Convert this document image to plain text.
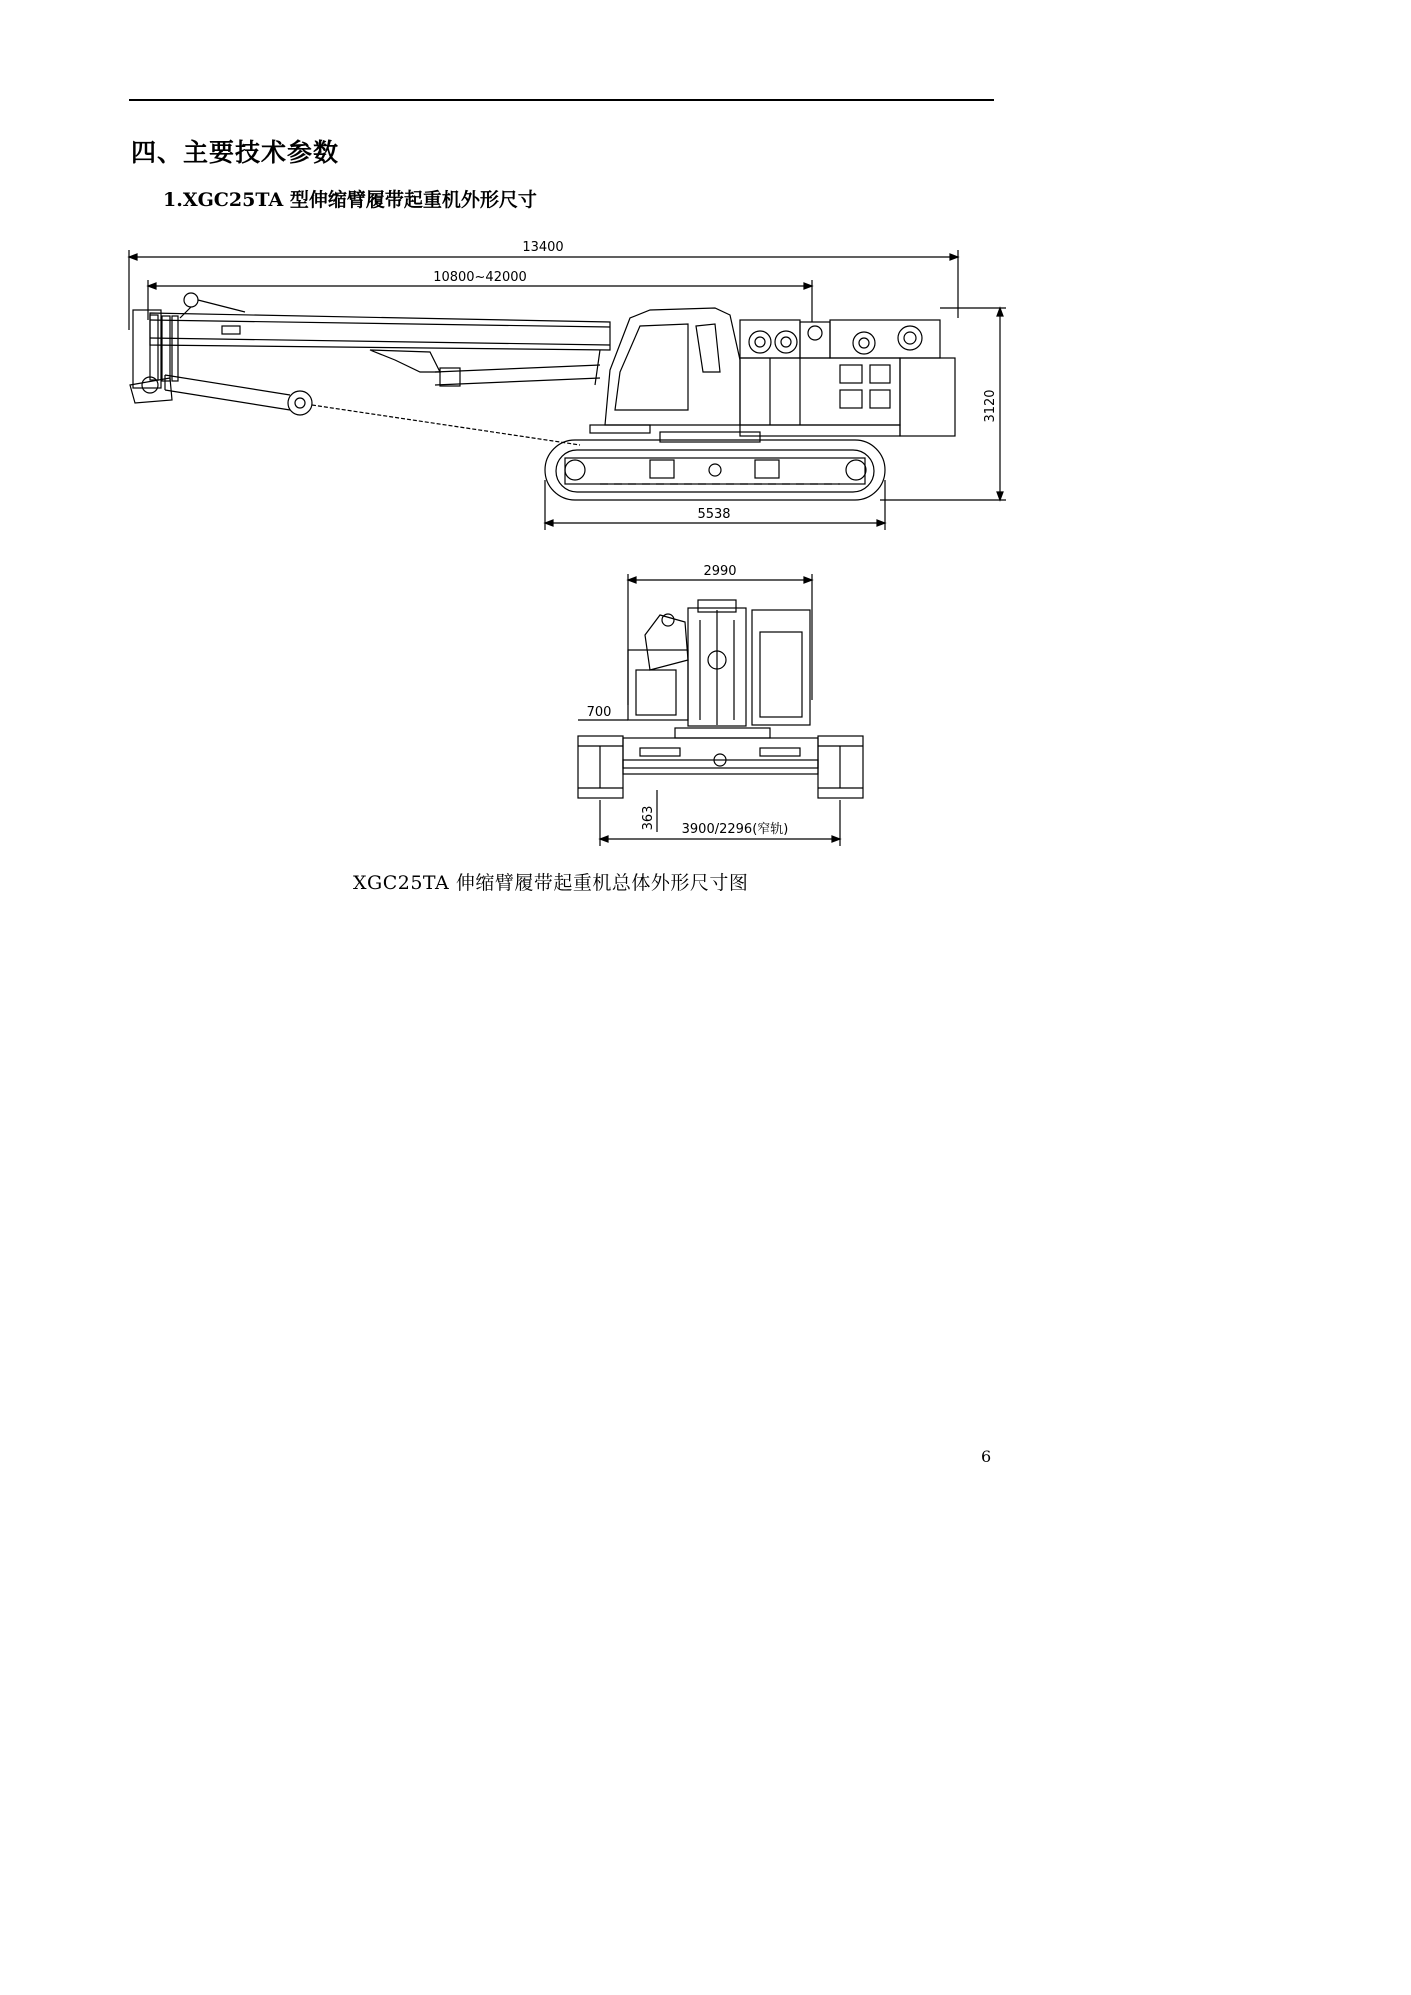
四、主要技术参数
1.XGC25TA 型伸缩臂履带起重机外形尺寸
13400
10800~42000
3120
5538
2990
700
363 3900/2296(窄轨)
XGC25TA 伸缩臂履带起重机总体外形尺寸图
6
